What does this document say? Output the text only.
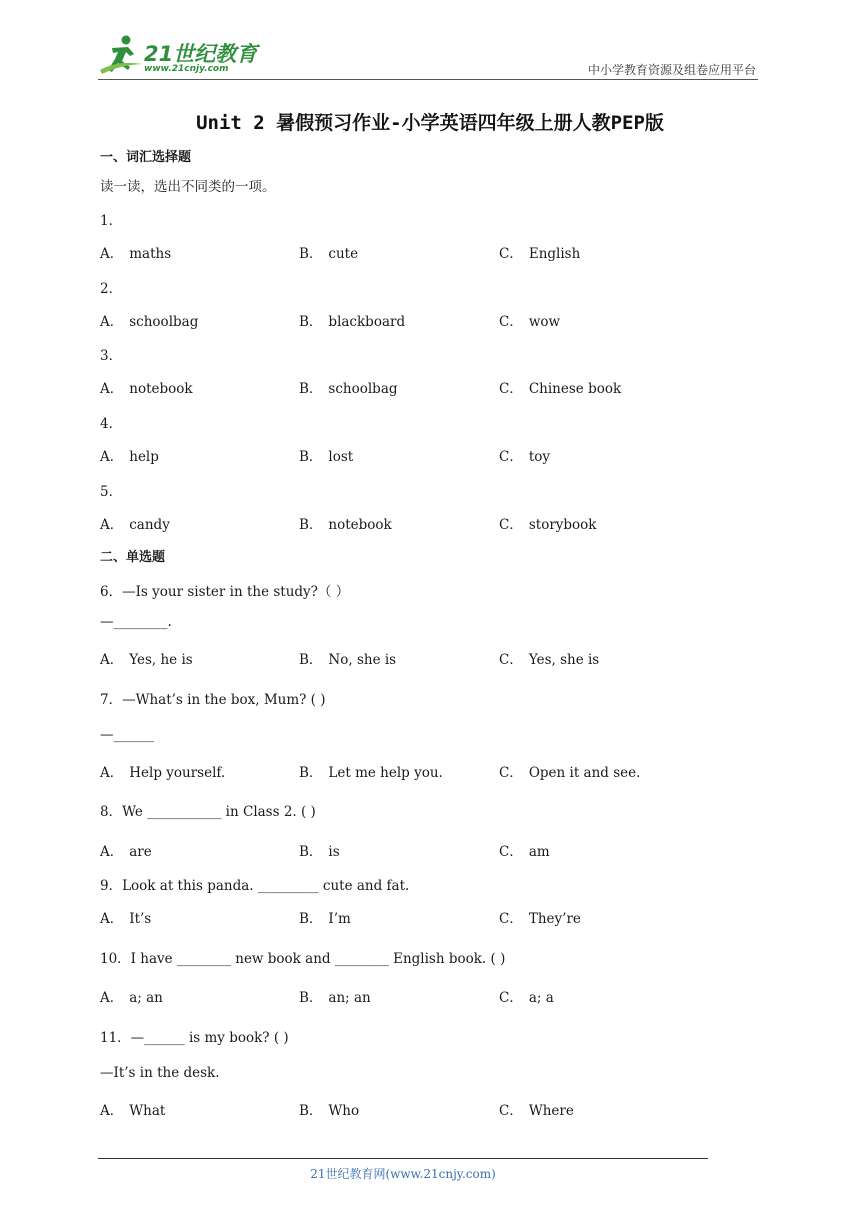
21世纪教育
www.21cnjy.com	中小学教育资源及组卷应用平台
Unit 2 暑假预习作业-小学英语四年级上册人教PEP版
一、词汇选择题
读一读，选出不同类的一项。
1．
A． maths	B． cute	C． English
2．
A． schoolbag	B． blackboard	C． wow
3．
A． notebook	B． schoolbag	C． Chinese book
4．
A． help	B． lost	C． toy
5．
A． candy	B． notebook	C． storybook
二、单选题
6．—Is your sister in the study?（ ）
—________.
A． Yes, he is	B． No, she is	C． Yes, she is
7．—What’s in the box, Mum? ( )
—______
A． Help yourself.	B． Let me help you.	C． Open it and see.
8．We ___________ in Class 2. ( )
A． are	B． is	C． am
9．Look at this panda. _________ cute and fat.
A． It’s	B． I’m	C． They’re
10．I have ________ new book and ________ English book. ( )
A． a; an	B． an; an	C． a; a
11．—______ is my book? ( )
—It’s in the desk.
A． What	B． Who	C． Where
21世纪教育网(www.21cnjy.com)
